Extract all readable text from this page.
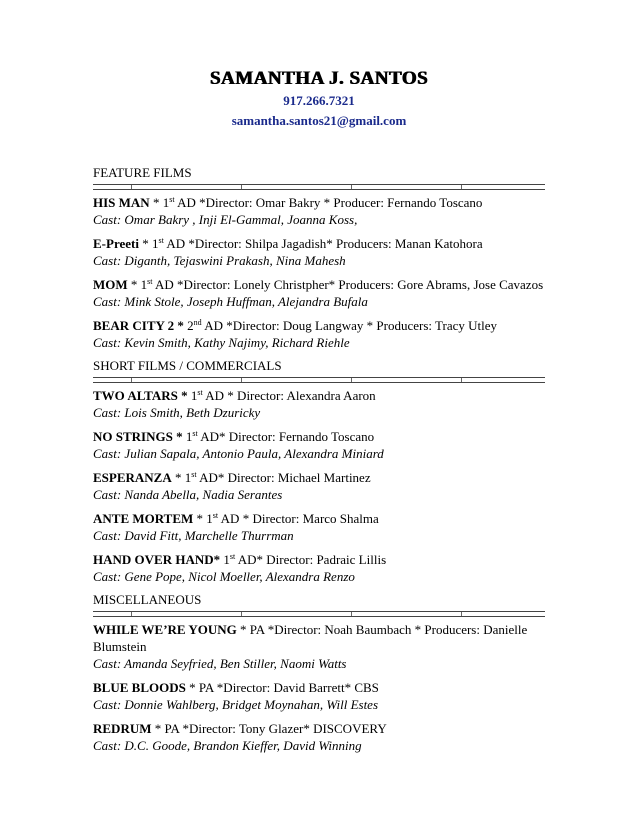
SAMANTHA J. SANTOS
917.266.7321
samantha.santos21@gmail.com
FEATURE FILMS
HIS MAN * 1st AD *Director: Omar Bakry * Producer: Fernando Toscano
Cast: Omar Bakry , Inji El-Gammal, Joanna Koss,
E-Preeti * 1st AD *Director: Shilpa Jagadish* Producers: Manan Katohora
Cast: Diganth, Tejaswini Prakash, Nina Mahesh
MOM * 1st AD *Director: Lonely Christpher* Producers: Gore Abrams, Jose Cavazos
Cast: Mink Stole, Joseph Huffman, Alejandra Bufala
BEAR CITY 2 * 2nd AD *Director: Doug Langway * Producers: Tracy Utley
Cast: Kevin Smith, Kathy Najimy, Richard Riehle
SHORT FILMS / COMMERCIALS
TWO ALTARS * 1st AD * Director: Alexandra Aaron
Cast: Lois Smith, Beth Dzuricky
NO STRINGS * 1st AD* Director: Fernando Toscano
Cast: Julian Sapala, Antonio Paula, Alexandra Miniard
ESPERANZA * 1st AD* Director: Michael Martinez
Cast: Nanda Abella, Nadia Serantes
ANTE MORTEM * 1st AD * Director: Marco Shalma
Cast: David Fitt, Marchelle Thurrman
HAND OVER HAND* 1st AD* Director: Padraic Lillis
Cast: Gene Pope, Nicol Moeller, Alexandra Renzo
MISCELLANEOUS
WHILE WE’RE YOUNG * PA *Director: Noah Baumbach * Producers: Danielle Blumstein
Cast: Amanda Seyfried, Ben Stiller, Naomi Watts
BLUE BLOODS * PA *Director: David Barrett* CBS
Cast: Donnie Wahlberg, Bridget Moynahan, Will Estes
REDRUM * PA *Director: Tony Glazer* DISCOVERY
Cast: D.C. Goode, Brandon Kieffer, David Winning
